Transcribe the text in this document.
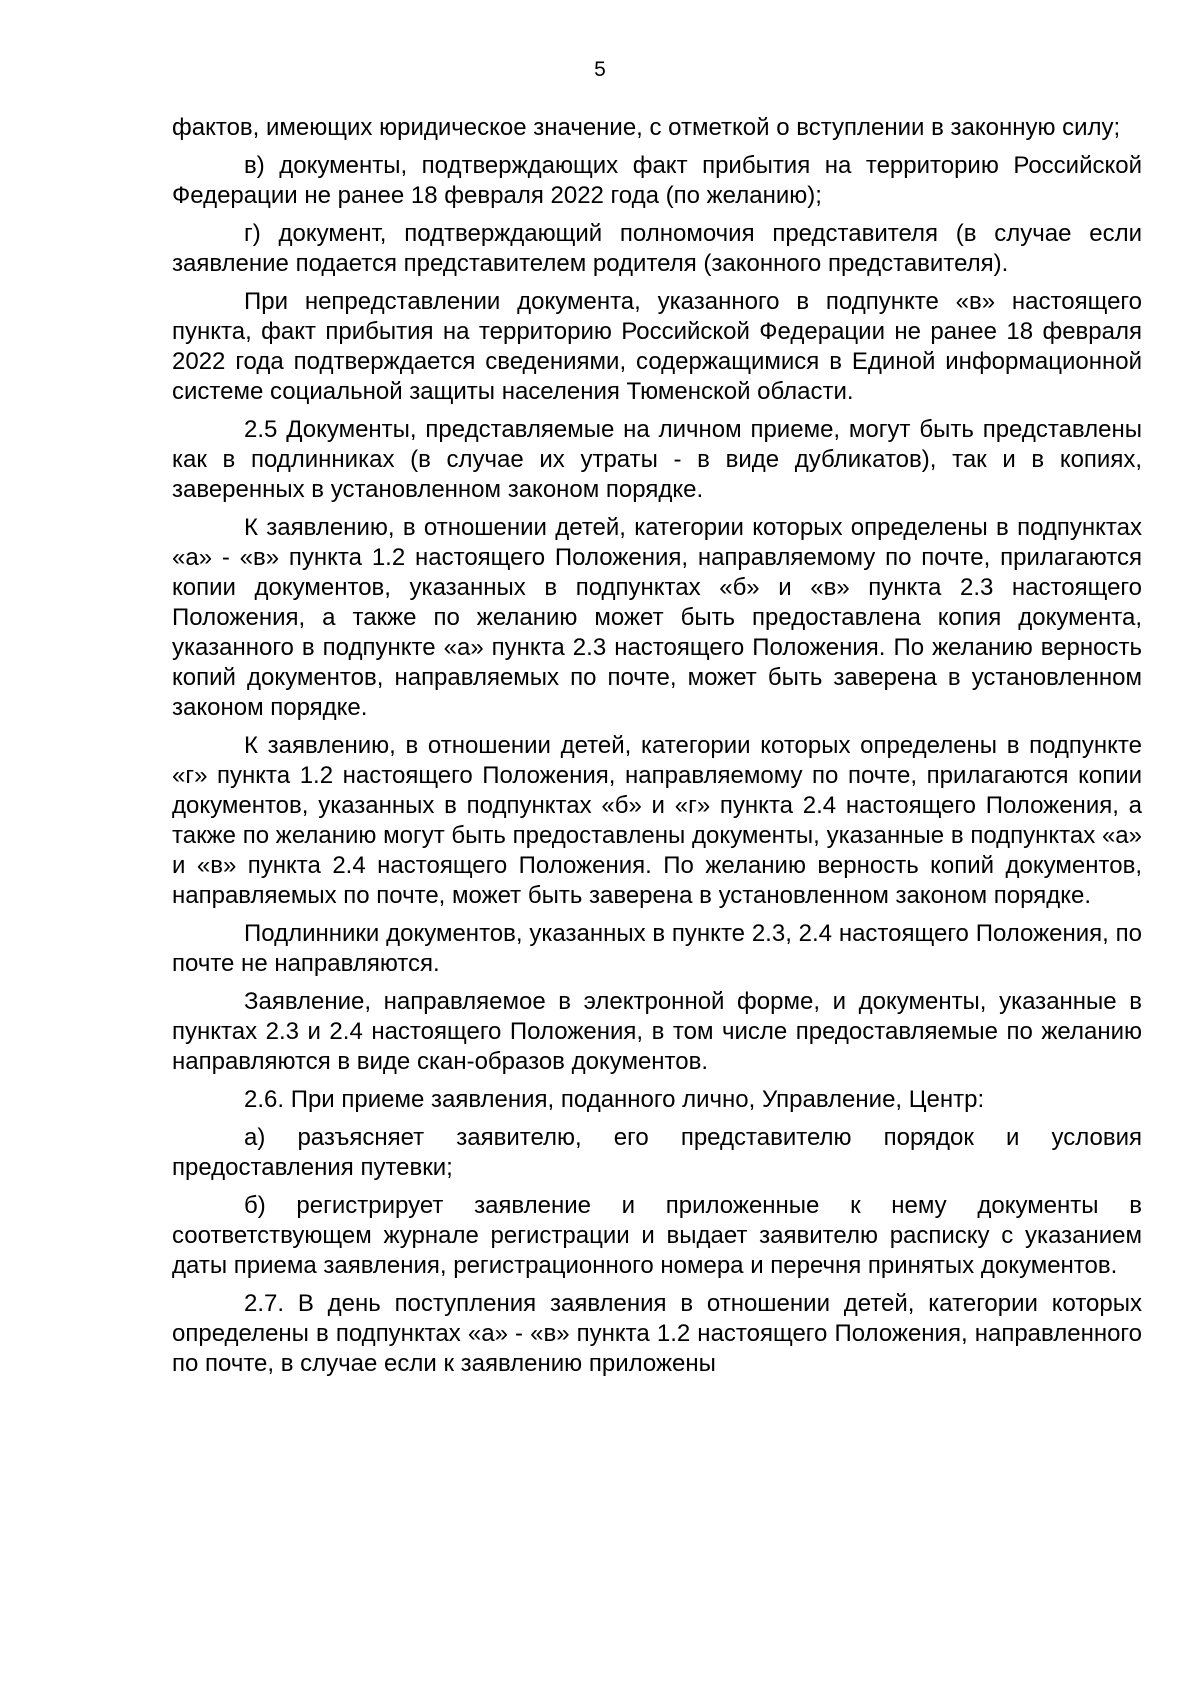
5

фактов, имеющих юридическое значение, с отметкой о вступлении в законную силу;

в) документы, подтверждающих факт прибытия на территорию Российской Федерации не ранее 18 февраля 2022 года (по желанию);

г) документ, подтверждающий полномочия представителя (в случае если заявление подается представителем родителя (законного представителя).

При непредставлении документа, указанного в подпункте «в» настоящего пункта, факт прибытия на территорию Российской Федерации не ранее 18 февраля 2022 года подтверждается сведениями, содержащимися в Единой информационной системе социальной защиты населения Тюменской области.

2.5 Документы, представляемые на личном приеме, могут быть представлены как в подлинниках (в случае их утраты - в виде дубликатов), так и в копиях, заверенных в установленном законом порядке.

К заявлению, в отношении детей, категории которых определены в подпунктах «а» - «в» пункта 1.2 настоящего Положения, направляемому по почте, прилагаются копии документов, указанных в подпунктах «б» и «в» пункта 2.3 настоящего Положения, а также по желанию может быть предоставлена копия документа, указанного в подпункте «а» пункта 2.3 настоящего Положения. По желанию верность копий документов, направляемых по почте, может быть заверена в установленном законом порядке.

К заявлению, в отношении детей, категории которых определены в подпункте «г» пункта 1.2 настоящего Положения, направляемому по почте, прилагаются копии документов, указанных в подпунктах «б» и «г» пункта 2.4 настоящего Положения, а также по желанию могут быть предоставлены документы, указанные в подпунктах «а» и «в» пункта 2.4 настоящего Положения. По желанию верность копий документов, направляемых по почте, может быть заверена в установленном законом порядке.

Подлинники документов, указанных в пункте 2.3, 2.4 настоящего Положения, по почте не направляются.

Заявление, направляемое в электронной форме, и документы, указанные в пунктах 2.3 и 2.4 настоящего Положения, в том числе предоставляемые по желанию направляются в виде скан-образов документов.

2.6. При приеме заявления, поданного лично, Управление, Центр:

а) разъясняет заявителю, его представителю порядок и условия предоставления путевки;

б) регистрирует заявление и приложенные к нему документы в соответствующем журнале регистрации и выдает заявителю расписку с указанием даты приема заявления, регистрационного номера и перечня принятых документов.

2.7. В день поступления заявления в отношении детей, категории которых определены в подпунктах «а» - «в» пункта 1.2 настоящего Положения, направленного по почте, в случае если к заявлению приложены
